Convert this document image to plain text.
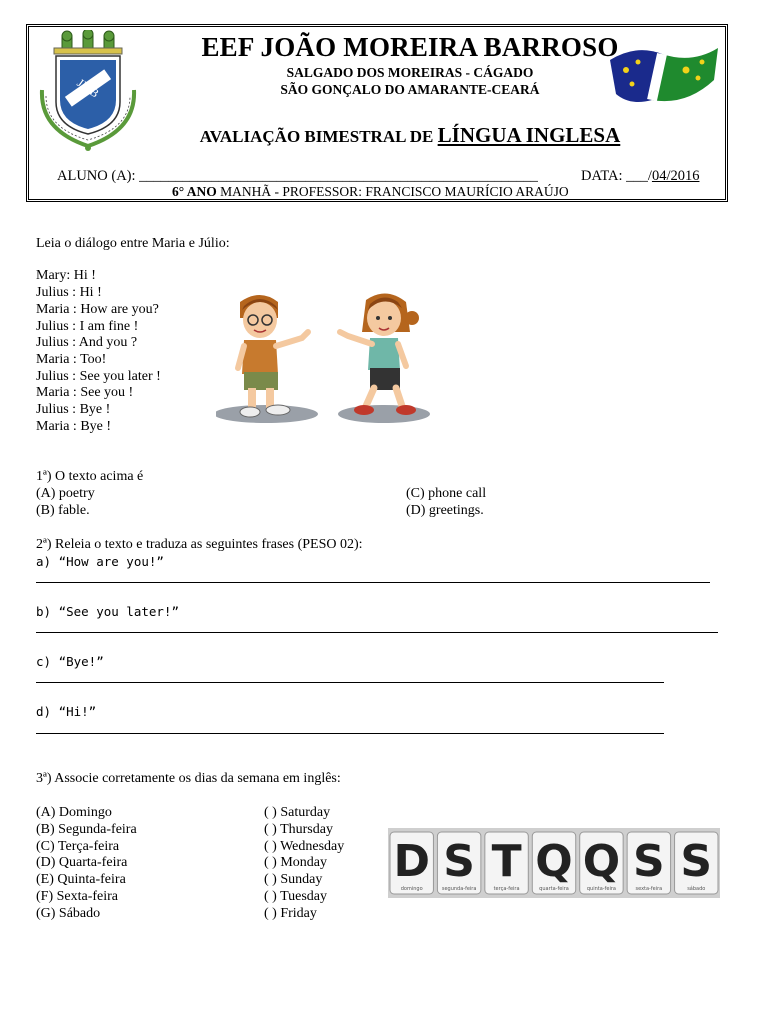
JMB
EEF JOÃO MOREIRA BARROSO
SALGADO DOS MOREIRAS - CÁGADO
SÃO GONÇALO DO AMARANTE-CEARÁ
AVALIAÇÃO BIMESTRAL DE LÍNGUA INGLESA
ALUNO (A): _______________________________________________________	DATA: ___/04/2016
6° ANO MANHÃ - PROFESSOR: FRANCISCO MAURÍCIO ARAÚJO
Leia o diálogo entre Maria e Júlio:
Mary: Hi !
Julius : Hi !
Maria : How are you?
Julius : I am fine !
Julius : And you ?
Maria : Too!
Julius : See you later !
Maria : See you !
Julius : Bye !
Maria : Bye !
1ª) O texto acima é
(A) poetry
(B) fable.
(C) phone call
(D) greetings.
2ª) Releia o texto e traduza as seguintes frases (PESO 02):
a) “How are you!”
b) “See you later!”
c) “Bye!”
d) “Hi!”
3ª) Associe corretamente os dias da semana em inglês:
(A) Domingo
(B) Segunda-feira
(C) Terça-feira
(D) Quarta-feira
(E) Quinta-feira
(F) Sexta-feira
(G) Sábado
( ) Saturday
( ) Thursday
( ) Wednesday
( ) Monday
( ) Sunday
( ) Tuesday
( ) Friday
D
domingo
S
segunda-feira
T
terça-feira
Q
quarta-feira
Q
quinta-feira
S
sexta-feira
S
sábado
